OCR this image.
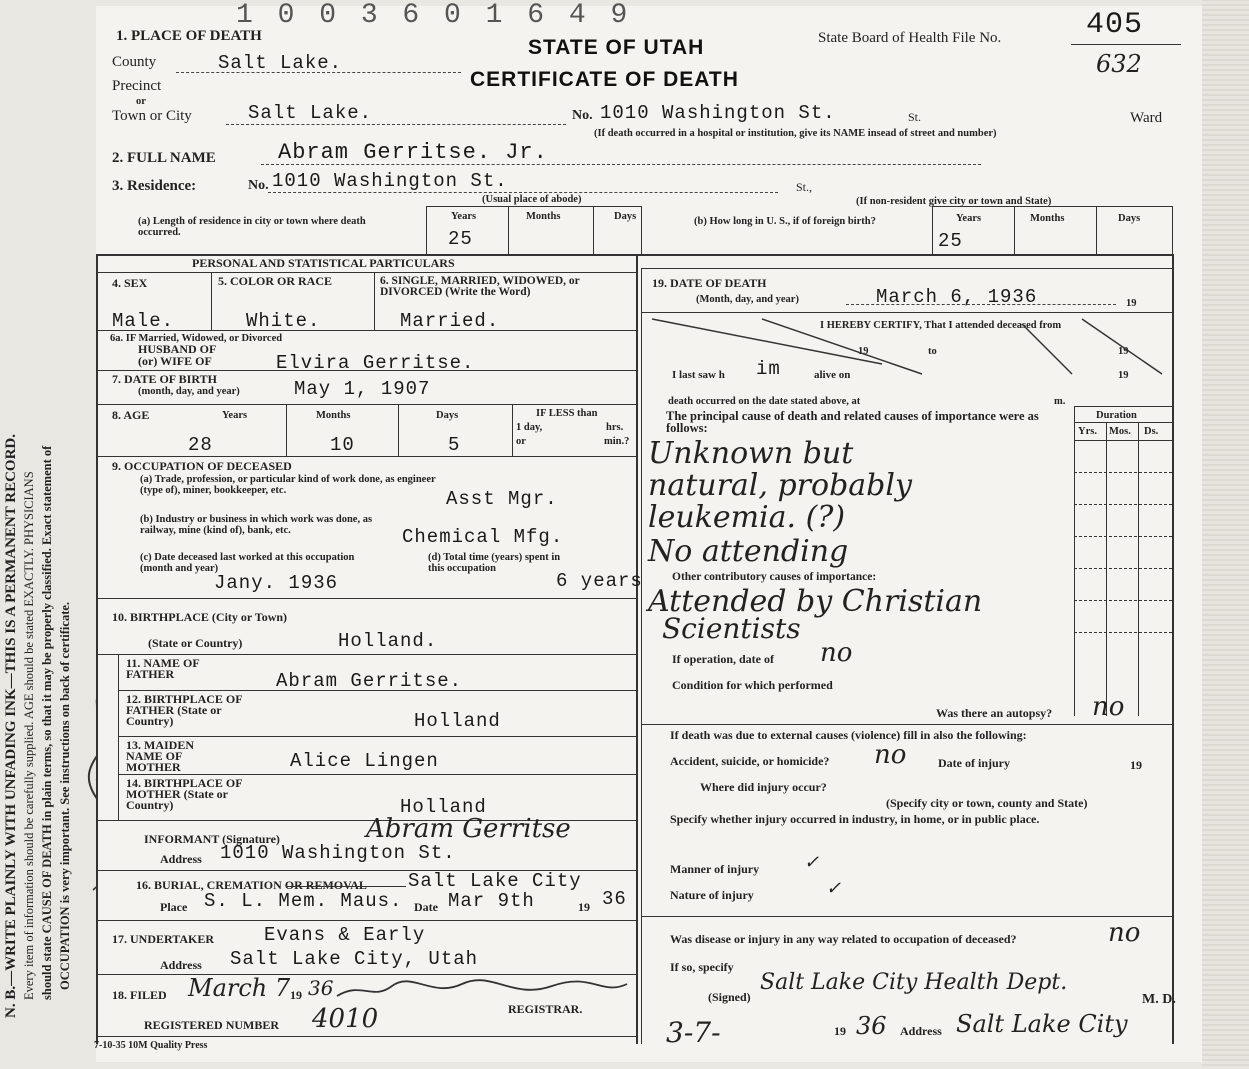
N. B.—WRITE PLAINLY WITH UNFADING INK—THIS IS A PERMANENT RECORD. Every item of information should be carefully supplied. AGE should be stated EXACTLY. PHYSICIANS should state CAUSE OF DEATH in plain terms, so that it may be properly classified. Exact statement of OCCUPATION is very important. See instructions on back of certificate.
1 0 0 3 6 0 1 6 4 9
STATE OF UTAH
CERTIFICATE OF DEATH
State Board of Health File No.	405
632
1. PLACE OF DEATH
County	Salt Lake.
Precinct
or
Town or City	Salt Lake.	No. 1010 Washington St.	St.	Ward
(If death occurred in a hospital or institution, give its NAME insead of street and number)
2. FULL NAME	Abram Gerritse. Jr.
3. Residence:	No. 1010 Washington St.	St.,
(Usual place of abode)	(If non-resident give city or town and State)
(a) Length of residence in city or town where death occurred.
(b) How long in U. S., if of foreign birth?
Years	Months	Days
25
Years	Months	Days
25
PERSONAL AND STATISTICAL PARTICULARS
4. SEX	5. COLOR OR RACE	6. SINGLE, MARRIED, WIDOWED, or DIVORCED (Write the Word)
Male.	White.	Married.
6a. IF Married, Widowed, or Divorced
HUSBAND OF
(or) WIFE OF	Elvira Gerritse.
7. DATE OF BIRTH
(month, day, and year)	May 1, 1907
8. AGE	Years	Months	Days
28	10	5
IF LESS than
1 day,	hrs.
or	min.?
9. OCCUPATION OF DECEASED
(a) Trade, profession, or particular kind of work done, as engineer (type of), miner, bookkeeper, etc.	Asst Mgr.
(b) Industry or business in which work was done, as railway, mine (kind of), bank, etc.	Chemical Mfg.
(c) Date deceased last worked at this occupation (month and year)
Jany. 1936
(d) Total time (years) spent in this occupation
6 years
10. BIRTHPLACE (City or Town)
(State or Country)	Holland.
11. NAME OF FATHER	Abram Gerritse.
12. BIRTHPLACE OF FATHER (State or Country)	Holland
13. MAIDEN NAME OF MOTHER	Alice Lingen
14. BIRTHPLACE OF MOTHER (State or Country)	Holland
INFORMANT (Signature)	Abram Gerritse
Address 1010 Washington St.
16. BURIAL, CREMATION OR REMOVAL Salt Lake City
Place S. L. Mem. Maus. Date Mar 9th	19 36
17. UNDERTAKER	Evans & Early
Address Salt Lake City, Utah
18. FILED March 7 19 36
REGISTRAR.
REGISTERED NUMBER 4010
7-10-35 10M Quality Press
19. DATE OF DEATH
(Month, day, and year)	March 6, 1936	19
I HEREBY CERTIFY, That I attended deceased from
19	to	19
I last saw h im	alive on	19
death occurred on the date stated above, at	m.
The principal cause of death and related causes of importance were as follows:
Duration
Yrs. Mos. Ds.
Unknown but
natural, probably
leukemia. (?)
No attending
Other contributory causes of importance:
Attended by Christian
Scientists
If operation, date of no
Condition for which performed
Was there an autopsy? no
If death was due to external causes (violence) fill in also the following:
Accident, suicide, or homicide? no	Date of injury	19
Where did injury occur?
(Specify city or town, county and State)
Specify whether injury occurred in industry, in home, or in public place.
Manner of injury ✓
Nature of injury	✓
Was disease or injury in any way related to occupation of deceased?	no
If so, specify
(Signed)
Salt Lake City Health Dept.
M. D.
3-7-	19 36 Address Salt Lake City
